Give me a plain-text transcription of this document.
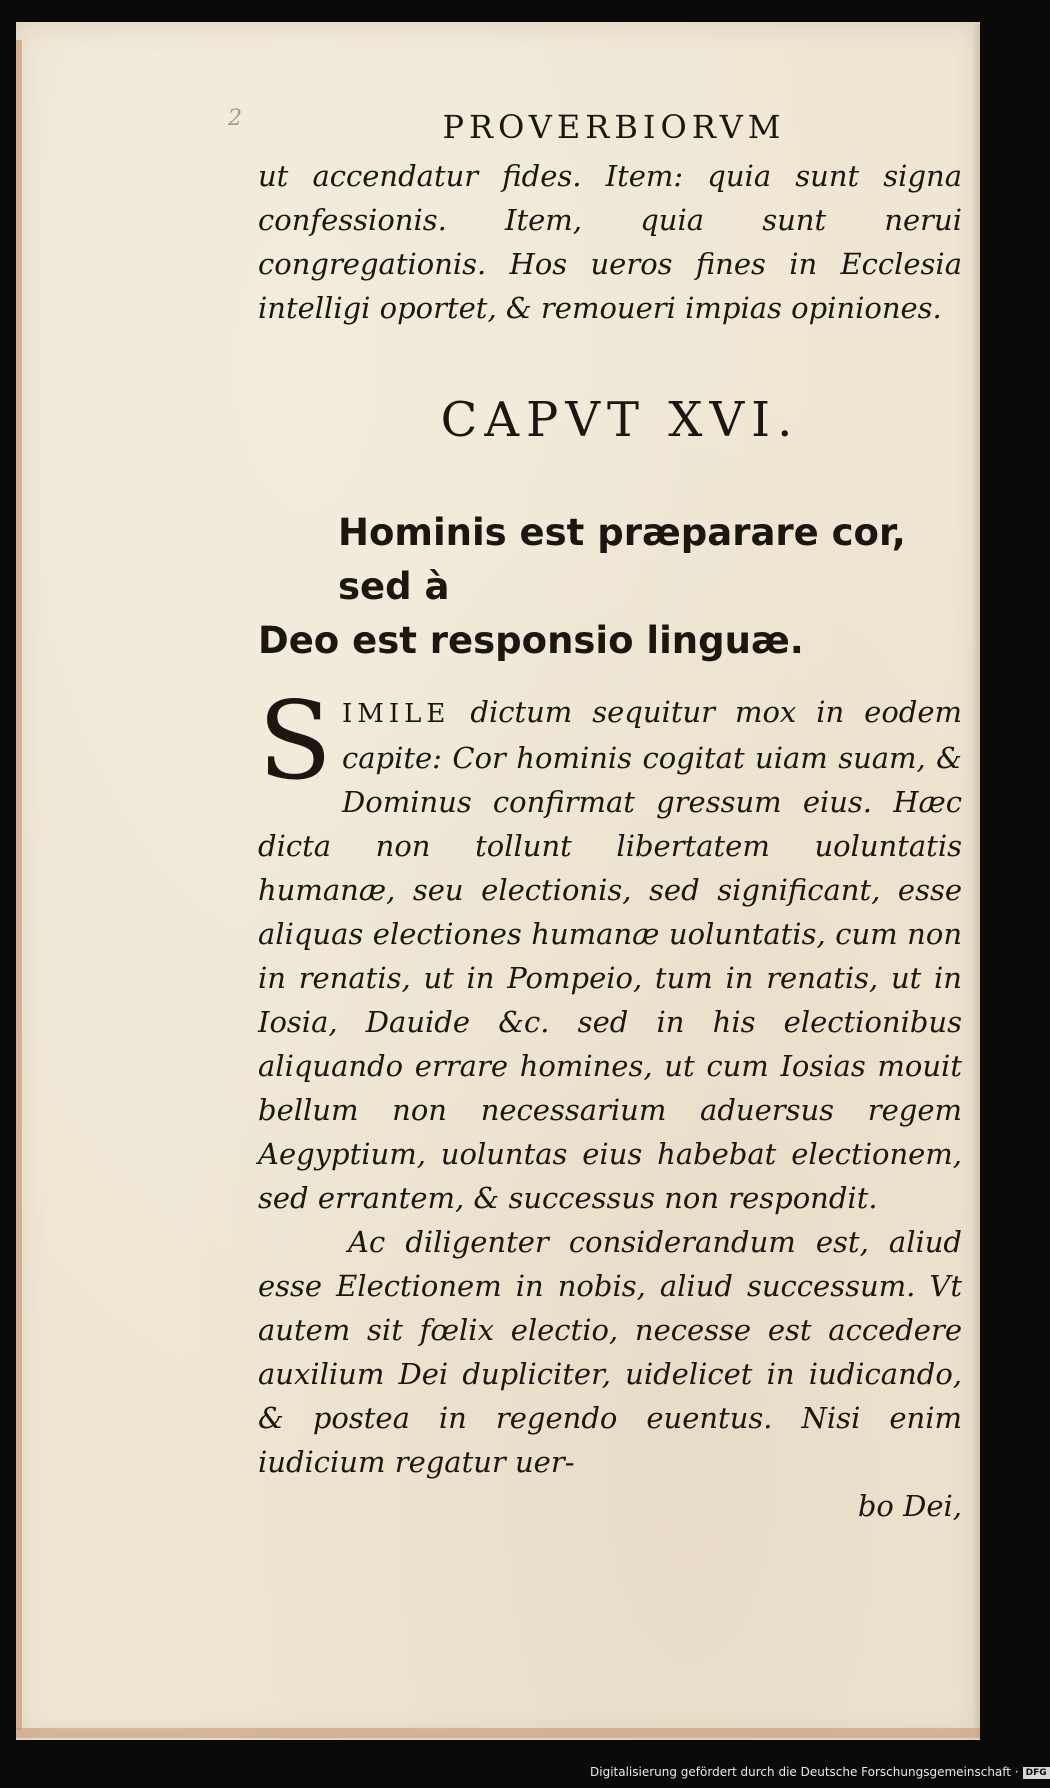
2	PROVERBIORVM

ut accendatur fides. Item: quia sunt signa confessionis. Item, quia sunt nerui congregationis. Hos ueros fines in Ecclesia intelligi oportet, & remoueri impias opiniones.

CAPVT XVI.
Hominis est præparare cor, sed à
Deo est responsio linguæ.

S IMILE dictum sequitur mox in eodem capite: Cor hominis cogitat uiam suam, & Dominus confirmat gressum eius. Hæc dicta non tollunt libertatem uoluntatis humanæ, seu electionis, sed significant, esse aliquas electiones humanæ uoluntatis, cum non in renatis, ut in Pompeio, tum in renatis, ut in Iosia, Dauide &c. sed in his electionibus aliquando errare homines, ut cum Iosias mouit bellum non necessarium aduersus regem Aegyptium, uoluntas eius habebat electionem, sed errantem, & successus non respondit.

Ac diligenter considerandum est, aliud esse Electionem in nobis, aliud successum. Vt autem sit fœlix electio, necesse est accedere auxilium Dei dupliciter, uidelicet in iudicando, & postea in regendo euentus. Nisi enim iudicium regatur uer-

bo Dei,

Digitalisierung gefördert durch die Deutsche Forschungsgemeinschaft · DFG
